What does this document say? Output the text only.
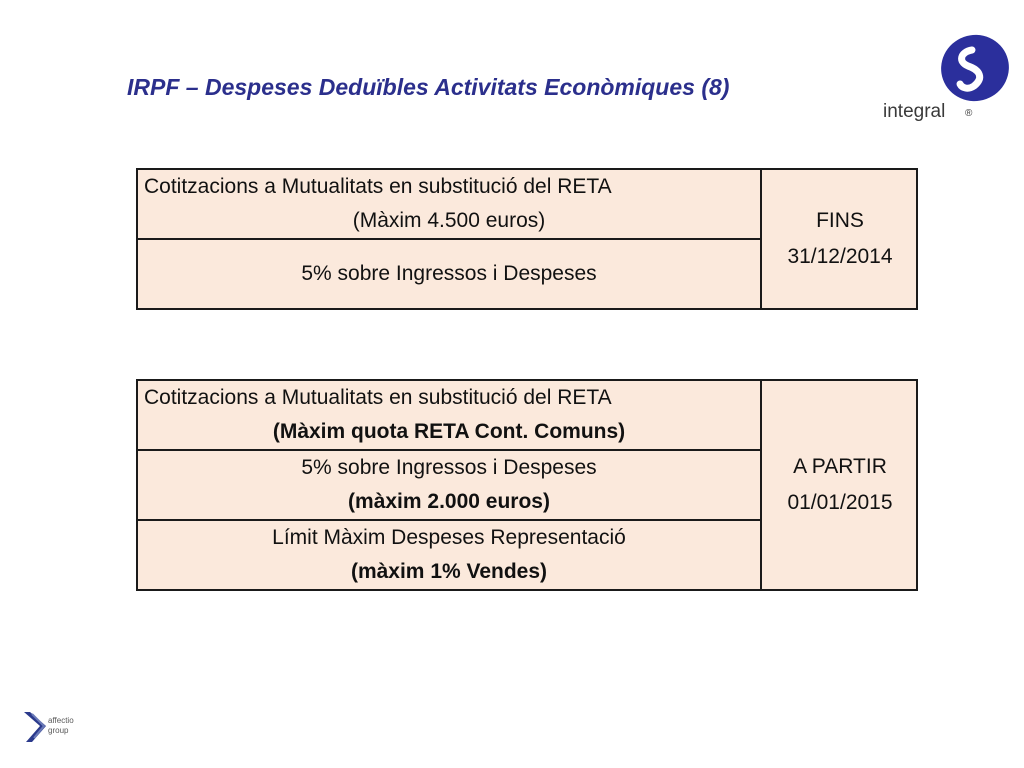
IRPF – Despeses Deduïbles Activitats Econòmiques (8)
integral ®
Cotitzacions a Mutualitats en substitució del RETA
(Màxim 4.500 euros)
5% sobre Ingressos i Despeses
FINS
31/12/2014
Cotitzacions a Mutualitats en substitució del RETA
(Màxim quota RETA Cont. Comuns)
5% sobre Ingressos i Despeses
(màxim 2.000 euros)
Límit Màxim Despeses Representació
(màxim 1% Vendes)
A PARTIR
01/01/2015
affectio
group
